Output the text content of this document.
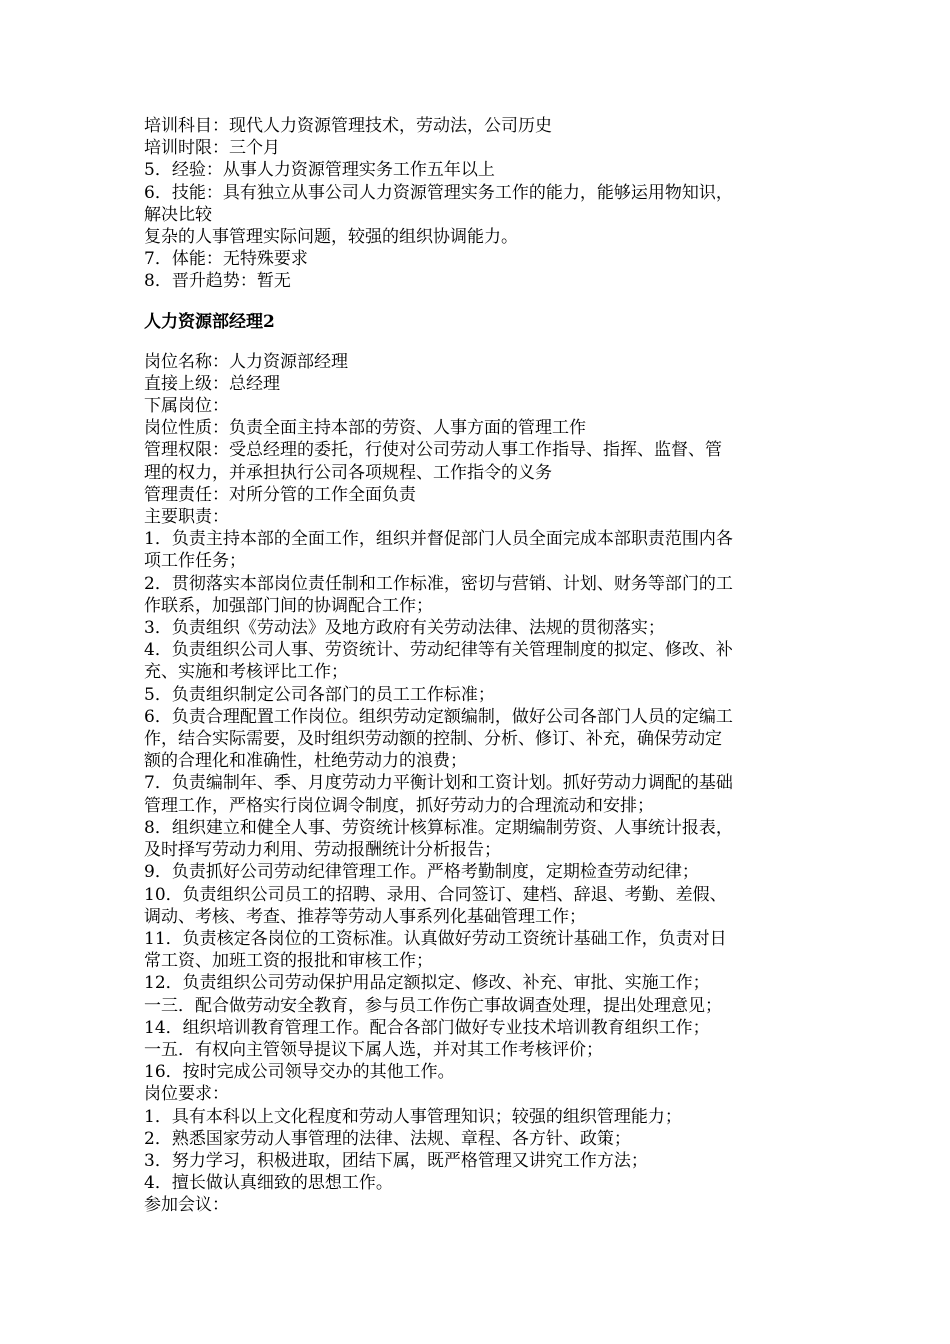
培训科目：现代人力资源管理技术，劳动法，公司历史
培训时限：三个月
5．经验：从事人力资源管理实务工作五年以上
6．技能：具有独立从事公司人力资源管理实务工作的能力，能够运用物知识，
解决比较
复杂的人事管理实际问题，较强的组织协调能力。
7．体能：无特殊要求
8．晋升趋势：暂无
人力资源部经理2
岗位名称：人力资源部经理
直接上级：总经理
下属岗位：
岗位性质：负责全面主持本部的劳资、人事方面的管理工作
管理权限：受总经理的委托，行使对公司劳动人事工作指导、指挥、监督、管
理的权力，并承担执行公司各项规程、工作指令的义务
管理责任：对所分管的工作全面负责
主要职责：
1．负责主持本部的全面工作，组织并督促部门人员全面完成本部职责范围内各
项工作任务；
2．贯彻落实本部岗位责任制和工作标准，密切与营销、计划、财务等部门的工
作联系，加强部门间的协调配合工作；
3．负责组织《劳动法》及地方政府有关劳动法律、法规的贯彻落实；
4．负责组织公司人事、劳资统计、劳动纪律等有关管理制度的拟定、修改、补
充、实施和考核评比工作；
5．负责组织制定公司各部门的员工工作标准；
6．负责合理配置工作岗位。组织劳动定额编制，做好公司各部门人员的定编工
作，结合实际需要，及时组织劳动额的控制、分析、修订、补充，确保劳动定
额的合理化和准确性，杜绝劳动力的浪费；
7．负责编制年、季、月度劳动力平衡计划和工资计划。抓好劳动力调配的基础
管理工作，严格实行岗位调令制度，抓好劳动力的合理流动和安排；
8．组织建立和健全人事、劳资统计核算标准。定期编制劳资、人事统计报表，
及时择写劳动力利用、劳动报酬统计分析报告；
9．负责抓好公司劳动纪律管理工作。严格考勤制度，定期检查劳动纪律；
10．负责组织公司员工的招聘、录用、合同签订、建档、辞退、考勤、差假、
调动、考核、考查、推荐等劳动人事系列化基础管理工作；
11．负责核定各岗位的工资标准。认真做好劳动工资统计基础工作，负责对日
常工资、加班工资的报批和审核工作；
12．负责组织公司劳动保护用品定额拟定、修改、补充、审批、实施工作；
一三．配合做劳动安全教育，参与员工作伤亡事故调查处理，提出处理意见；
14．组织培训教育管理工作。配合各部门做好专业技术培训教育组织工作；
一五．有权向主管领导提议下属人选，并对其工作考核评价；
16．按时完成公司领导交办的其他工作。
岗位要求：
1．具有本科以上文化程度和劳动人事管理知识；较强的组织管理能力；
2．熟悉国家劳动人事管理的法律、法规、章程、各方针、政策；
3．努力学习，积极进取，团结下属，既严格管理又讲究工作方法；
4．擅长做认真细致的思想工作。
参加会议：
